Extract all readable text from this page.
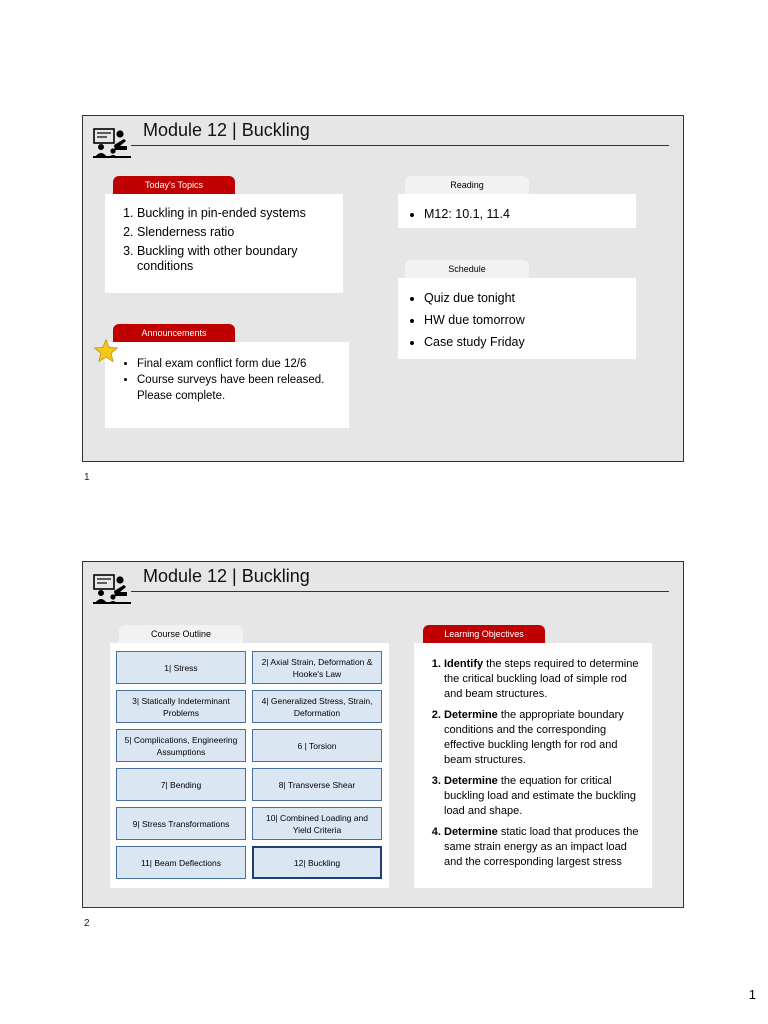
Module 12 | Buckling
Today's Topics
1. Buckling in pin-ended systems
2. Slenderness ratio
3. Buckling with other boundary conditions
Reading
• M12: 10.1, 11.4
Schedule
• Quiz due tonight
• HW due tomorrow
• Case study Friday
Announcements
• Final exam conflict form due 12/6
• Course surveys have been released. Please complete.
1
Module 12 | Buckling
Course Outline
1| Stress
2| Axial Strain, Deformation & Hooke's Law
3| Statically Indeterminant Problems
4| Generalized Stress, Strain, Deformation
5| Complications, Engineering Assumptions
6 | Torsion
7| Bending	8| Transverse Shear
9| Stress Transformations
10| Combined Loading and Yield Criteria
11| Beam Deflections	12| Buckling
Learning Objectives
1. Identify the steps required to determine the critical buckling load of simple rod and beam structures.
2. Determine the appropriate boundary conditions and the corresponding effective buckling length for rod and beam structures.
3. Determine the equation for critical buckling load and estimate the buckling load and shape.
4. Determine static load that produces the same strain energy as an impact load and the corresponding largest stress
2
1
